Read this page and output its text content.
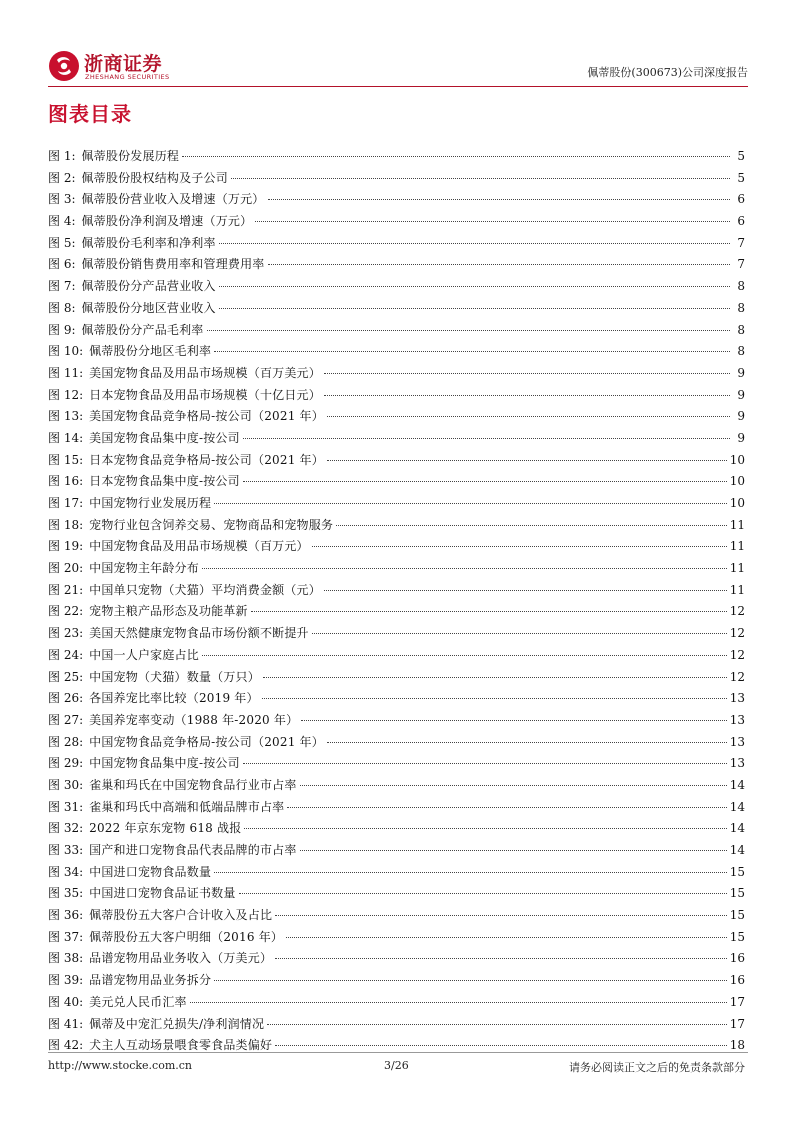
浙商证券
ZHESHANG SECURITIES	佩蒂股份(300673)公司深度报告
图表目录
图 1: 佩蒂股份发展历程	5
图 2: 佩蒂股份股权结构及子公司	5
图 3: 佩蒂股份营业收入及增速（万元）	6
图 4: 佩蒂股份净利润及增速（万元）	6
图 5: 佩蒂股份毛利率和净利率	7
图 6: 佩蒂股份销售费用率和管理费用率	7
图 7: 佩蒂股份分产品营业收入	8
图 8: 佩蒂股份分地区营业收入	8
图 9: 佩蒂股份分产品毛利率	8
图 10: 佩蒂股份分地区毛利率	8
图 11: 美国宠物食品及用品市场规模（百万美元）	9
图 12: 日本宠物食品及用品市场规模（十亿日元）	9
图 13: 美国宠物食品竞争格局-按公司（2021 年）	9
图 14: 美国宠物食品集中度-按公司	9
图 15: 日本宠物食品竞争格局-按公司（2021 年）	10
图 16: 日本宠物食品集中度-按公司	10
图 17: 中国宠物行业发展历程	10
图 18: 宠物行业包含饲养交易、宠物商品和宠物服务	11
图 19: 中国宠物食品及用品市场规模（百万元）	11
图 20: 中国宠物主年龄分布	11
图 21: 中国单只宠物（犬猫）平均消费金额（元）	11
图 22: 宠物主粮产品形态及功能革新	12
图 23: 美国天然健康宠物食品市场份额不断提升	12
图 24: 中国一人户家庭占比	12
图 25: 中国宠物（犬猫）数量（万只）	12
图 26: 各国养宠比率比较（2019 年）	13
图 27: 美国养宠率变动（1988 年-2020 年）	13
图 28: 中国宠物食品竞争格局-按公司（2021 年）	13
图 29: 中国宠物食品集中度-按公司	13
图 30: 雀巢和玛氏在中国宠物食品行业市占率	14
图 31: 雀巢和玛氏中高端和低端品牌市占率	14
图 32: 2022 年京东宠物 618 战报	14
图 33: 国产和进口宠物食品代表品牌的市占率	14
图 34: 中国进口宠物食品数量	15
图 35: 中国进口宠物食品证书数量	15
图 36: 佩蒂股份五大客户合计收入及占比	15
图 37: 佩蒂股份五大客户明细（2016 年）	15
图 38: 品谱宠物用品业务收入（万美元）	16
图 39: 品谱宠物用品业务拆分	16
图 40: 美元兑人民币汇率	17
图 41: 佩蒂及中宠汇兑损失/净利润情况	17
图 42: 犬主人互动场景喂食零食品类偏好	18
http://www.stocke.com.cn	3/26	请务必阅读正文之后的免责条款部分
